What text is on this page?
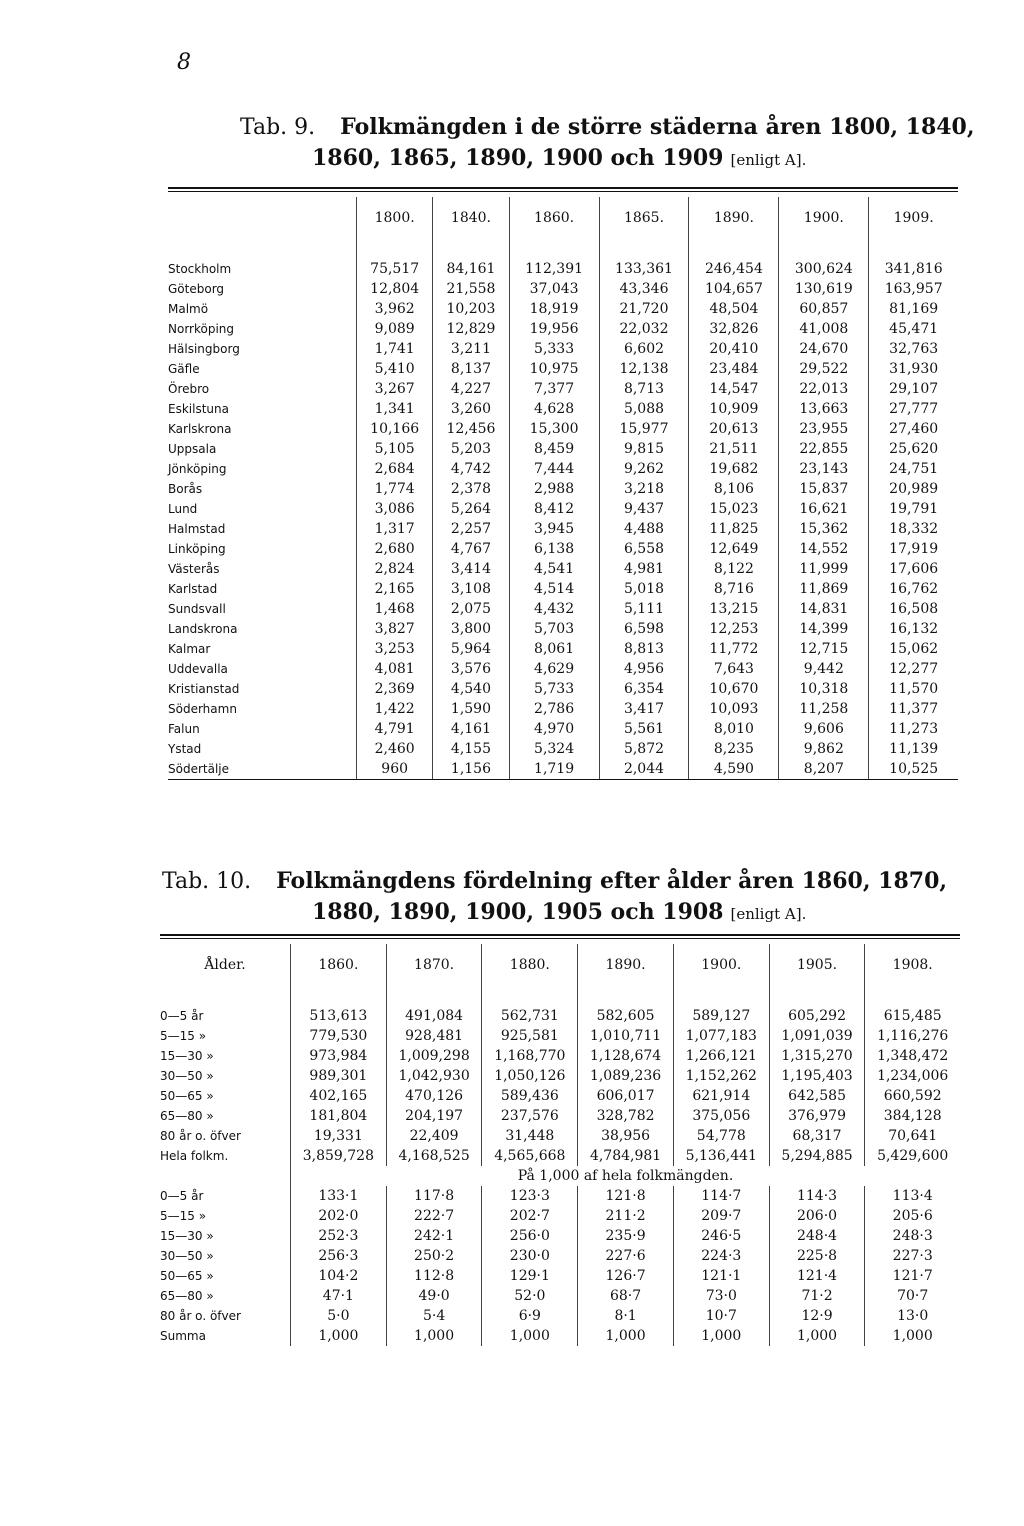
8
Tab. 9. Folkmängden i de större städerna åren 1800, 1840,
1860, 1865, 1890, 1900 och 1909 [enligt A].
	1800.	1840.	1860.	1865.	1890.	1900.	1909.

Stockholm	75,517	84,161	112,391	133,361	246,454	300,624	341,816
Göteborg	12,804	21,558	37,043	43,346	104,657	130,619	163,957
Malmö	3,962	10,203	18,919	21,720	48,504	60,857	81,169
Norrköping	9,089	12,829	19,956	22,032	32,826	41,008	45,471
Hälsingborg	1,741	3,211	5,333	6,602	20,410	24,670	32,763
Gäfle	5,410	8,137	10,975	12,138	23,484	29,522	31,930
Örebro	3,267	4,227	7,377	8,713	14,547	22,013	29,107
Eskilstuna	1,341	3,260	4,628	5,088	10,909	13,663	27,777
Karlskrona	10,166	12,456	15,300	15,977	20,613	23,955	27,460
Uppsala	5,105	5,203	8,459	9,815	21,511	22,855	25,620
Jönköping	2,684	4,742	7,444	9,262	19,682	23,143	24,751
Borås	1,774	2,378	2,988	3,218	8,106	15,837	20,989
Lund	3,086	5,264	8,412	9,437	15,023	16,621	19,791
Halmstad	1,317	2,257	3,945	4,488	11,825	15,362	18,332
Linköping	2,680	4,767	6,138	6,558	12,649	14,552	17,919
Västerås	2,824	3,414	4,541	4,981	8,122	11,999	17,606
Karlstad	2,165	3,108	4,514	5,018	8,716	11,869	16,762
Sundsvall	1,468	2,075	4,432	5,111	13,215	14,831	16,508
Landskrona	3,827	3,800	5,703	6,598	12,253	14,399	16,132
Kalmar	3,253	5,964	8,061	8,813	11,772	12,715	15,062
Uddevalla	4,081	3,576	4,629	4,956	7,643	9,442	12,277
Kristianstad	2,369	4,540	5,733	6,354	10,670	10,318	11,570
Söderhamn	1,422	1,590	2,786	3,417	10,093	11,258	11,377
Falun	4,791	4,161	4,970	5,561	8,010	9,606	11,273
Ystad	2,460	4,155	5,324	5,872	8,235	9,862	11,139
Södertälje	960	1,156	1,719	2,044	4,590	8,207	10,525
Tab. 10. Folkmängdens fördelning efter ålder åren 1860, 1870,
1880, 1890, 1900, 1905 och 1908 [enligt A].
Ålder.	1860.	1870.	1880.	1890.	1900.	1905.	1908.

0—5 år	513,613	491,084	562,731	582,605	589,127	605,292	615,485
5—15 »	779,530	928,481	925,581	1,010,711	1,077,183	1,091,039	1,116,276
15—30 »	973,984	1,009,298	1,168,770	1,128,674	1,266,121	1,315,270	1,348,472
30—50 »	989,301	1,042,930	1,050,126	1,089,236	1,152,262	1,195,403	1,234,006
50—65 »	402,165	470,126	589,436	606,017	621,914	642,585	660,592
65—80 »	181,804	204,197	237,576	328,782	375,056	376,979	384,128
80 år o. öfver	19,331	22,409	31,448	38,956	54,778	68,317	70,641
Hela folkm.	3,859,728	4,168,525	4,565,668	4,784,981	5,136,441	5,294,885	5,429,600
	På 1,000 af hela folkmängden.						
0—5 år	133·1	117·8	123·3	121·8	114·7	114·3	113·4
5—15 »	202·0	222·7	202·7	211·2	209·7	206·0	205·6
15—30 »	252·3	242·1	256·0	235·9	246·5	248·4	248·3
30—50 »	256·3	250·2	230·0	227·6	224·3	225·8	227·3
50—65 »	104·2	112·8	129·1	126·7	121·1	121·4	121·7
65—80 »	47·1	49·0	52·0	68·7	73·0	71·2	70·7
80 år o. öfver	5·0	5·4	6·9	8·1	10·7	12·9	13·0
Summa	1,000	1,000	1,000	1,000	1,000	1,000	1,000
